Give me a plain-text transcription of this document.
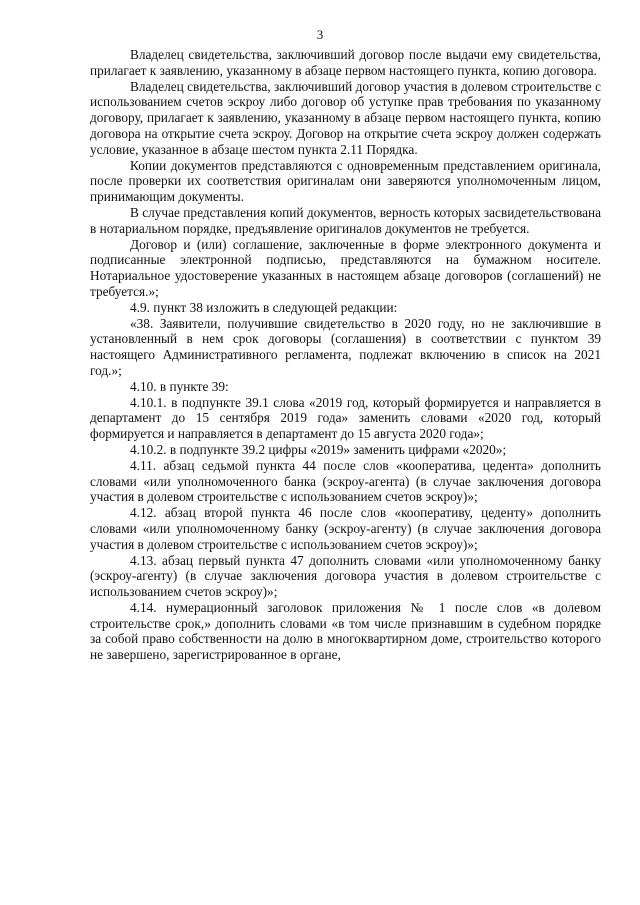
3

Владелец свидетельства, заключивший договор после выдачи ему свидетельства, прилагает к заявлению, указанному в абзаце первом настоящего пункта, копию договора.

Владелец свидетельства, заключивший договор участия в долевом строительстве с использованием счетов эскроу либо договор об уступке прав требования по указанному договору, прилагает к заявлению, указанному в абзаце первом настоящего пункта, копию договора на открытие счета эскроу. Договор на открытие счета эскроу должен содержать условие, указанное в абзаце шестом пункта 2.11 Порядка.

Копии документов представляются с одновременным представлением оригинала, после проверки их соответствия оригиналам они заверяются уполномоченным лицом, принимающим документы.

В случае представления копий документов, верность которых засвидетельствована в нотариальном порядке, предъявление оригиналов документов не требуется.

Договор и (или) соглашение, заключенные в форме электронного документа и подписанные электронной подписью, представляются на бумажном носителе. Нотариальное удостоверение указанных в настоящем абзаце договоров (соглашений) не требуется.»;

4.9. пункт 38 изложить в следующей редакции:

«38. Заявители, получившие свидетельство в 2020 году, но не заключившие в установленный в нем срок договоры (соглашения) в соответствии с пунктом 39 настоящего Административного регламента, подлежат включению в список на 2021 год.»;

4.10. в пункте 39:

4.10.1. в подпункте 39.1 слова «2019 год, который формируется и направляется в департамент до 15 сентября 2019 года» заменить словами «2020 год, который формируется и направляется в департамент до 15 августа 2020 года»;

4.10.2. в подпункте 39.2 цифры «2019» заменить цифрами «2020»;

4.11. абзац седьмой пункта 44 после слов «кооператива, цедента» дополнить словами «или уполномоченного банка (эскроу-агента) (в случае заключения договора участия в долевом строительстве с использованием счетов эскроу)»;

4.12. абзац второй пункта 46 после слов «кооперативу, цеденту» дополнить словами «или уполномоченному банку (эскроу-агенту) (в случае заключения договора участия в долевом строительстве с использованием счетов эскроу)»;

4.13. абзац первый пункта 47 дополнить словами «или уполномоченному банку (эскроу-агенту) (в случае заключения договора участия в долевом строительстве с использованием счетов эскроу)»;

4.14. нумерационный заголовок приложения № 1 после слов «в долевом строительстве срок,» дополнить словами «в том числе признавшим в судебном порядке за собой право собственности на долю в многоквартирном доме, строительство которого не завершено, зарегистрированное в органе,
